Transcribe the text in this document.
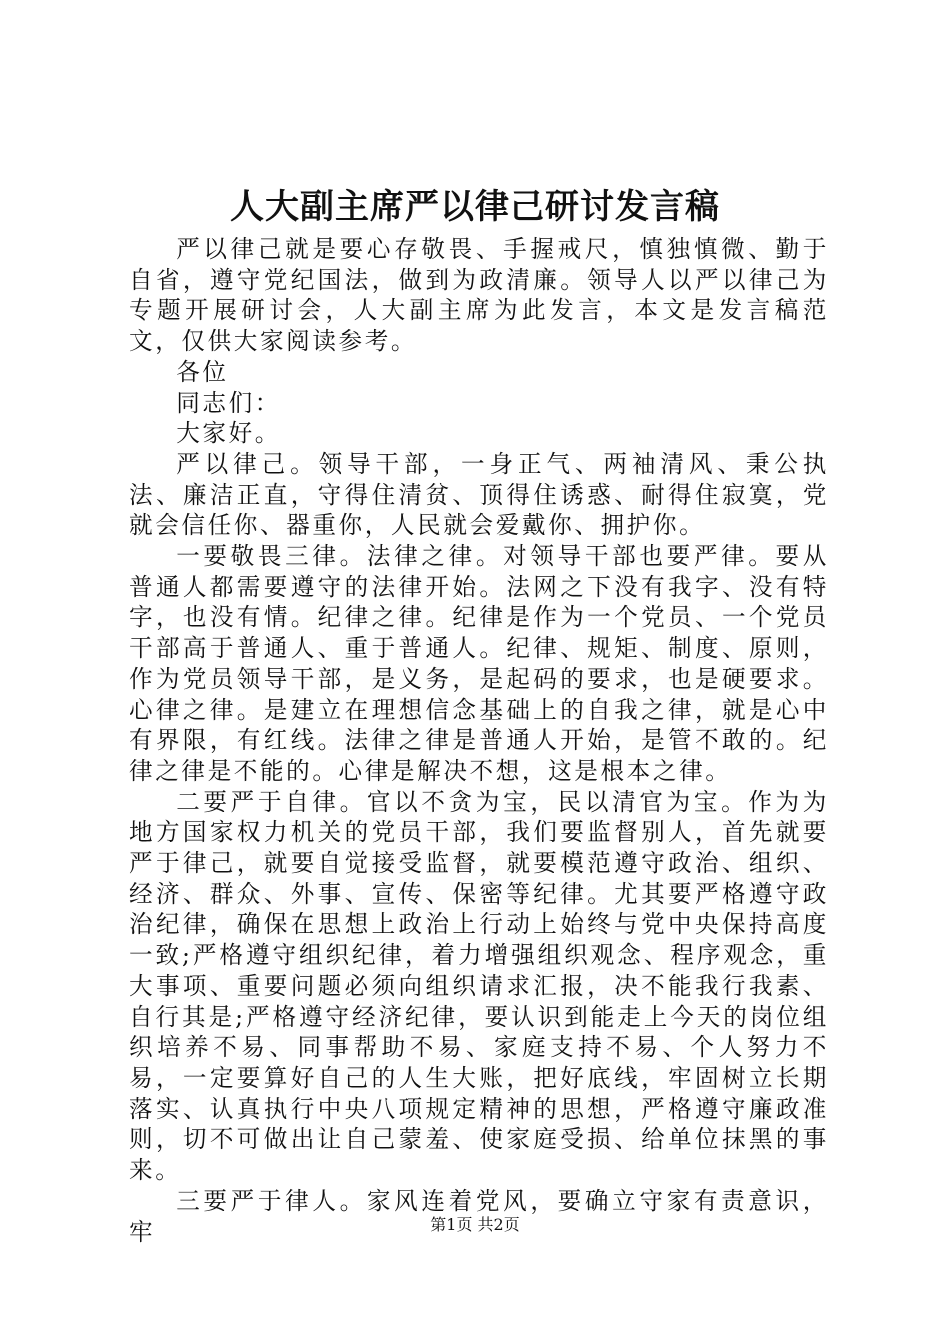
人大副主席严以律己研讨发言稿

严以律己就是要心存敬畏、手握戒尺，慎独慎微、勤于自省，遵守党纪国法，做到为政清廉。领导人以严以律己为专题开展研讨会，人大副主席为此发言，本文是发言稿范文，仅供大家阅读参考。

各位

同志们：

大家好。

严以律己。领导干部，一身正气、两袖清风、秉公执法、廉洁正直，守得住清贫、顶得住诱惑、耐得住寂寞，党就会信任你、器重你，人民就会爱戴你、拥护你。

一要敬畏三律。法律之律。对领导干部也要严律。要从普通人都需要遵守的法律开始。法网之下没有我字、没有特字，也没有情。纪律之律。纪律是作为一个党员、一个党员干部高于普通人、重于普通人。纪律、规矩、制度、原则，作为党员领导干部，是义务，是起码的要求，也是硬要求。心律之律。是建立在理想信念基础上的自我之律，就是心中有界限，有红线。法律之律是普通人开始，是管不敢的。纪律之律是不能的。心律是解决不想，这是根本之律。

二要严于自律。官以不贪为宝，民以清官为宝。作为为地方国家权力机关的党员干部，我们要监督别人，首先就要严于律己，就要自觉接受监督，就要模范遵守政治、组织、经济、群众、外事、宣传、保密等纪律。尤其要严格遵守政治纪律，确保在思想上政治上行动上始终与党中央保持高度一致;严格遵守组织纪律，着力增强组织观念、程序观念，重大事项、重要问题必须向组织请求汇报，决不能我行我素、自行其是;严格遵守经济纪律，要认识到能走上今天的岗位组织培养不易、同事帮助不易、家庭支持不易、个人努力不易，一定要算好自己的人生大账，把好底线，牢固树立长期落实、认真执行中央八项规定精神的思想，严格遵守廉政准则，切不可做出让自己蒙羞、使家庭受损、给单位抹黑的事来。

三要严于律人。家风连着党风，要确立守家有责意识，牢	第1页 共2页
